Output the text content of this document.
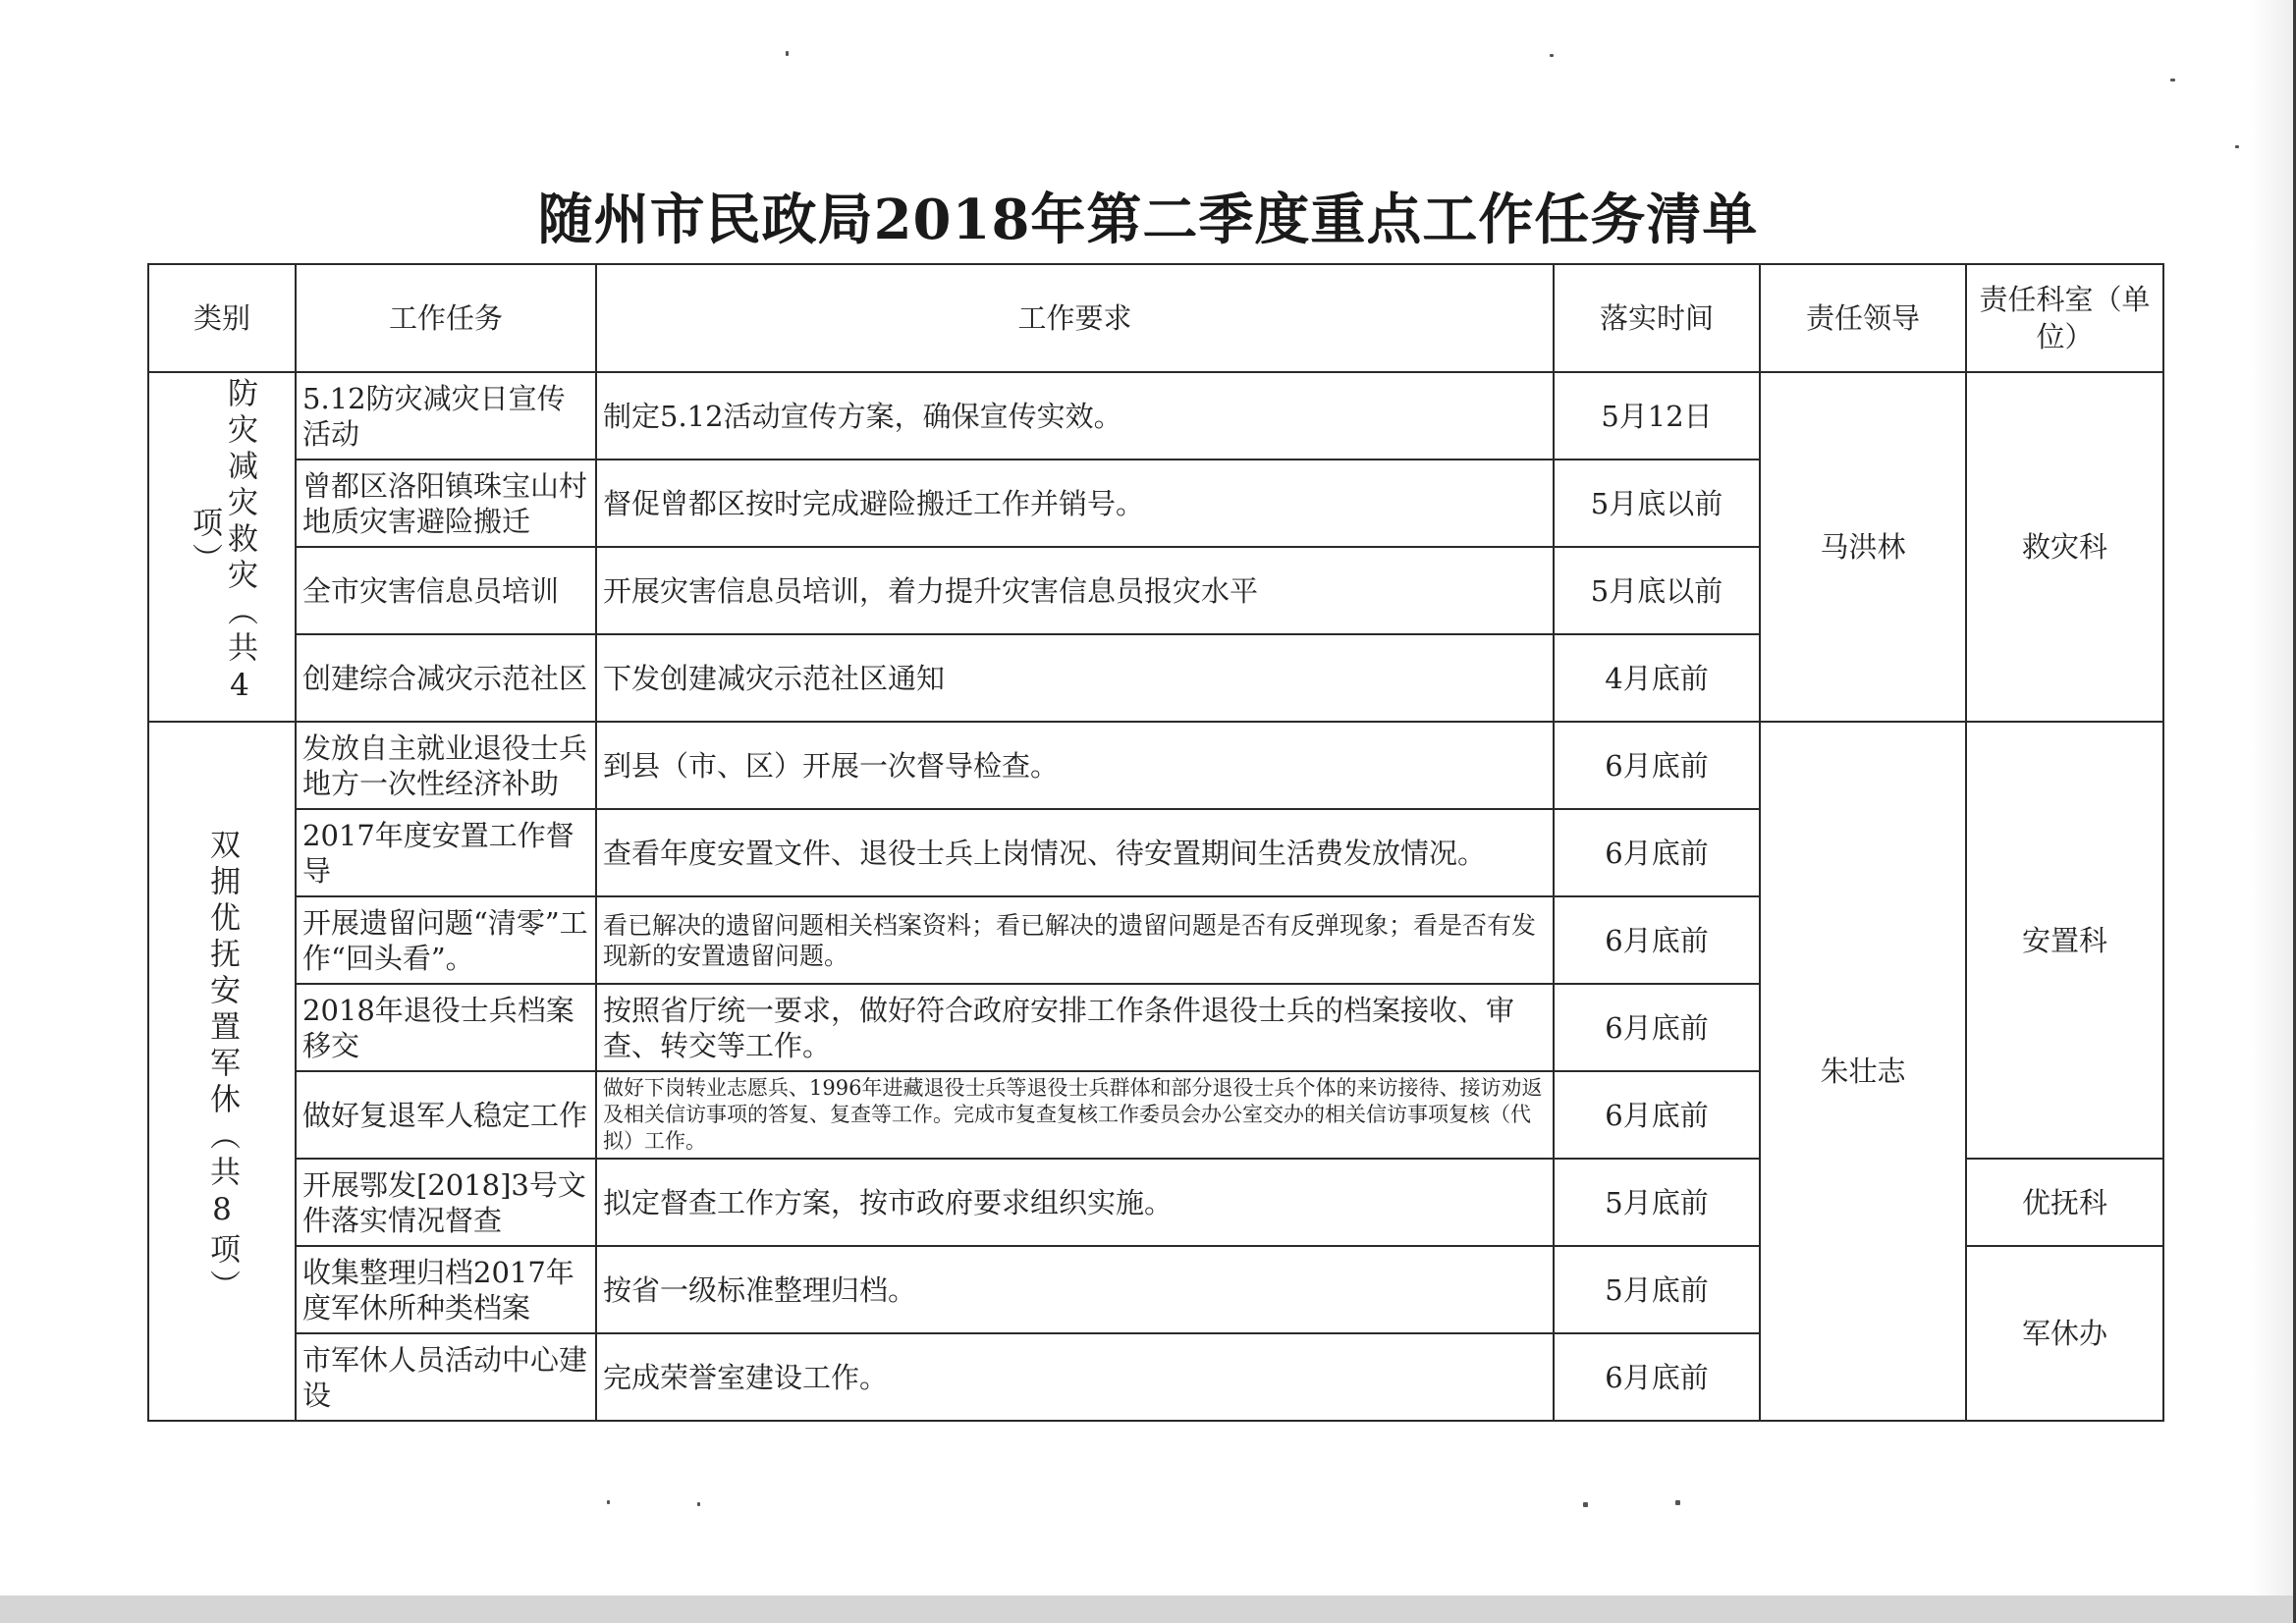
随州市民政局2018年第二季度重点工作任务清单
类别	工作任务	工作要求	落实时间	责任领导	责任科室（单位）
防灾减灾救灾（共4项）	5.12防灾减灾日宣传活动	制定5.12活动宣传方案，确保宣传实效。	5月12日	马洪林	救灾科
	曾都区洛阳镇珠宝山村地质灾害避险搬迁	督促曾都区按时完成避险搬迁工作并销号。	5月底以前		
	全市灾害信息员培训	开展灾害信息员培训，着力提升灾害信息员报灾水平	5月底以前		
	创建综合减灾示范社区	下发创建减灾示范社区通知	4月底前		
双拥优抚安置军休（共8项）	发放自主就业退役士兵地方一次性经济补助	到县（市、区）开展一次督导检查。	6月底前	朱壮志	安置科
	2017年度安置工作督导	查看年度安置文件、退役士兵上岗情况、待安置期间生活费发放情况。	6月底前		
	开展遗留问题“清零”工作“回头看”。	看已解决的遗留问题相关档案资料；看已解决的遗留问题是否有反弹现象；看是否有发现新的安置遗留问题。	6月底前		
	2018年退役士兵档案移交	按照省厅统一要求，做好符合政府安排工作条件退役士兵的档案接收、审查、转交等工作。	6月底前		
	做好复退军人稳定工作	做好下岗转业志愿兵、1996年进藏退役士兵等退役士兵群体和部分退役士兵个体的来访接待、接访劝返及相关信访事项的答复、复查等工作。完成市复查复核工作委员会办公室交办的相关信访事项复核（代拟）工作。	6月底前		
	开展鄂发[2018]3号文件落实情况督查	拟定督查工作方案，按市政府要求组织实施。	5月底前		优抚科
	收集整理归档2017年度军休所种类档案	按省一级标准整理归档。	5月底前		军休办
	市军休人员活动中心建设	完成荣誉室建设工作。	6月底前		
